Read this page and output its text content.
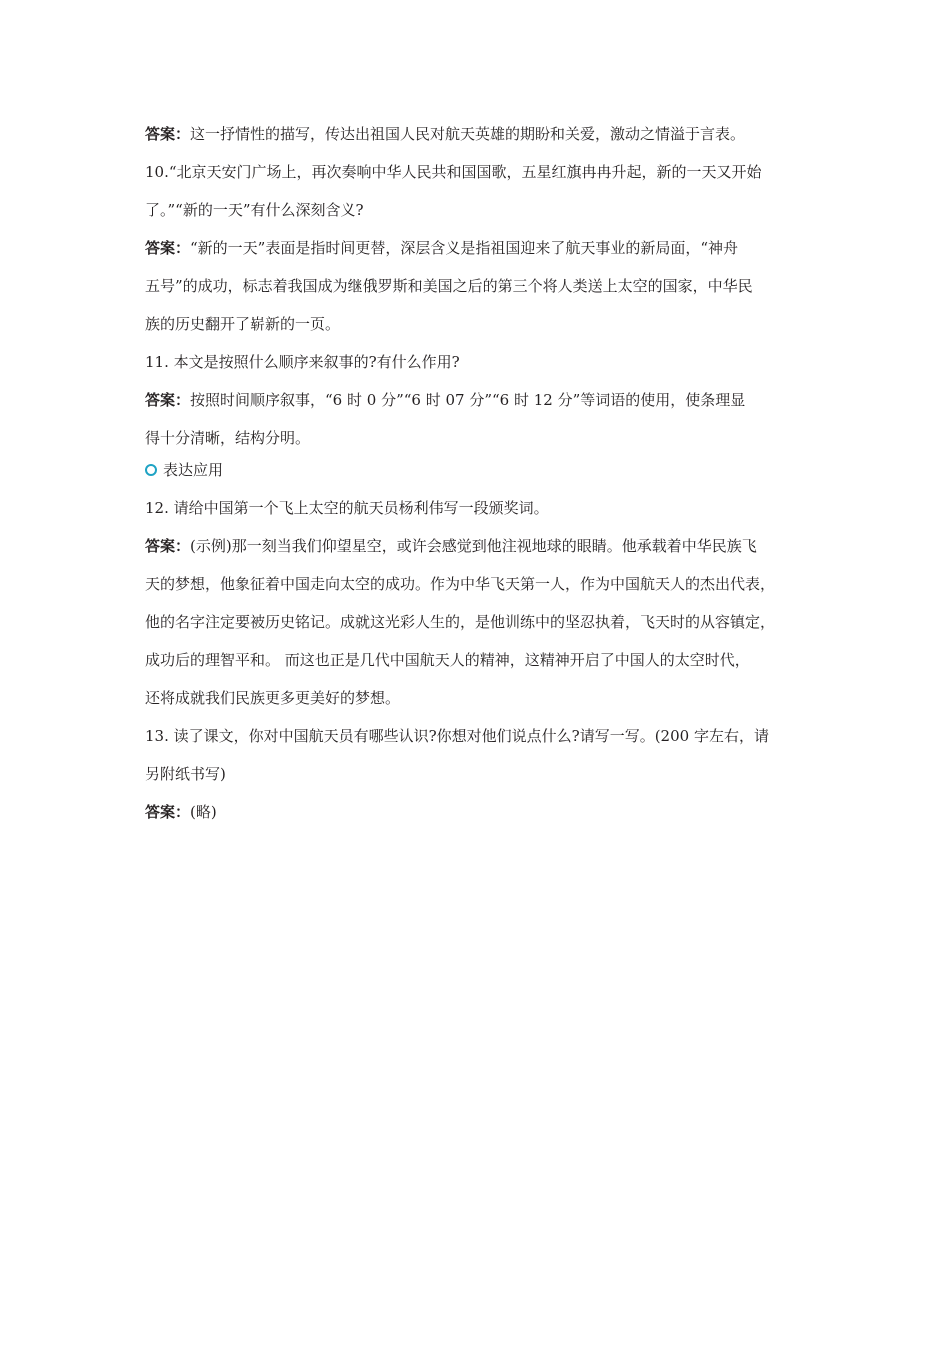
答案：这一抒情性的描写，传达出祖国人民对航天英雄的期盼和关爱，激动之情溢于言表。
10.“北京天安门广场上，再次奏响中华人民共和国国歌，五星红旗冉冉升起，新的一天又开始
了。”“新的一天”有什么深刻含义?
答案：“新的一天”表面是指时间更替，深层含义是指祖国迎来了航天事业的新局面，“神舟
五号”的成功，标志着我国成为继俄罗斯和美国之后的第三个将人类送上太空的国家，中华民
族的历史翻开了崭新的一页。
11. 本文是按照什么顺序来叙事的?有什么作用?
答案：按照时间顺序叙事，“6 时 0 分”“6 时 07 分”“6 时 12 分”等词语的使用，使条理显
得十分清晰，结构分明。
表达应用
12. 请给中国第一个飞上太空的航天员杨利伟写一段颁奖词。
答案：(示例)那一刻当我们仰望星空，或许会感觉到他注视地球的眼睛。他承载着中华民族飞
天的梦想，他象征着中国走向太空的成功。作为中华飞天第一人，作为中国航天人的杰出代表，
他的名字注定要被历史铭记。成就这光彩人生的，是他训练中的坚忍执着，飞天时的从容镇定，
成功后的理智平和。 而这也正是几代中国航天人的精神，这精神开启了中国人的太空时代，
还将成就我们民族更多更美好的梦想。
13. 读了课文，你对中国航天员有哪些认识?你想对他们说点什么?请写一写。(200 字左右，请
另附纸书写)
答案：(略)
